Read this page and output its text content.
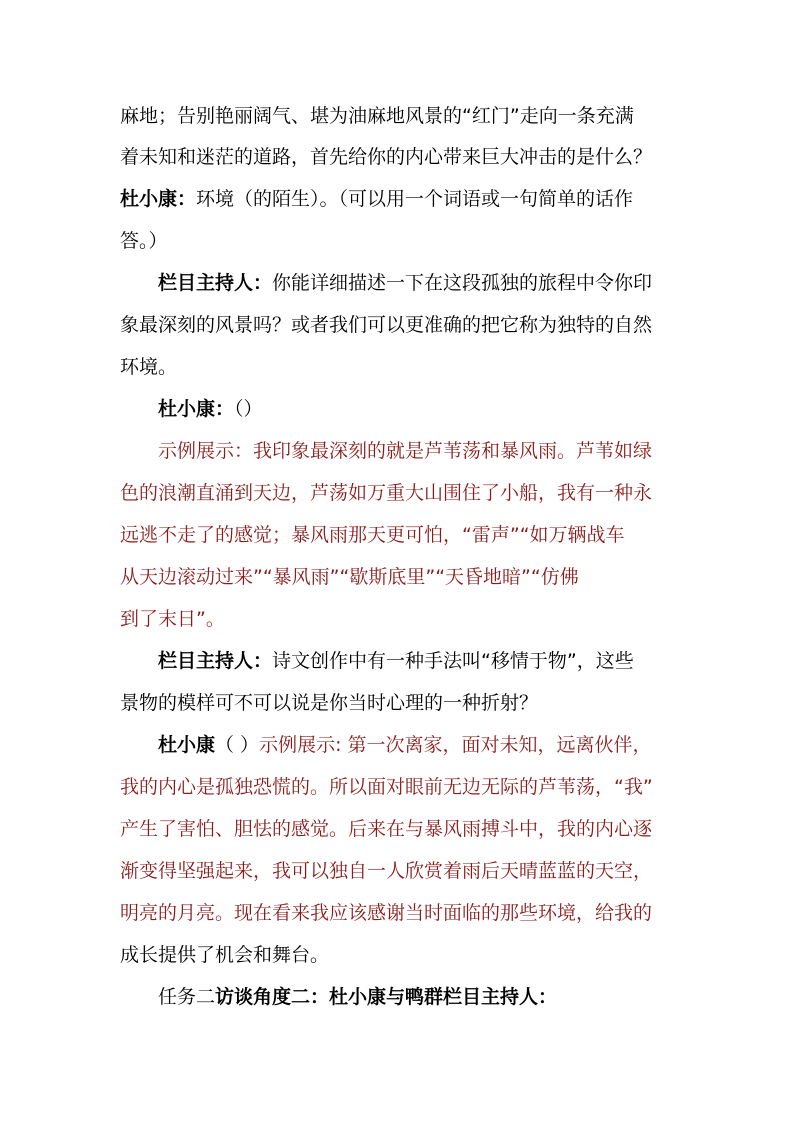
麻地；告别艳丽阔气、堪为油麻地风景的“红门”走向一条充满
着未知和迷茫的道路，首先给你的内心带来巨大冲击的是什么？
杜小康：环境（的陌生）。（可以用一个词语或一句简单的话作
答。）
栏目主持人：你能详细描述一下在这段孤独的旅程中令你印
象最深刻的风景吗？或者我们可以更准确的把它称为独特的自然
环境。
杜小康：（）
示例展示：我印象最深刻的就是芦苇荡和暴风雨。芦苇如绿
色的浪潮直涌到天边，芦荡如万重大山围住了小船，我有一种永
远逃不走了的感觉；暴风雨那天更可怕，“雷声”“如万辆战车
从天边滚动过来”“暴风雨”“歇斯底里”“天昏地暗”“仿佛
到了末日”。
栏目主持人：诗文创作中有一种手法叫“移情于物”，这些
景物的模样可不可以说是你当时心理的一种折射？
杜小康（ ）示例展示: 第一次离家，面对未知，远离伙伴，
我的内心是孤独恐慌的。所以面对眼前无边无际的芦苇荡，“我”
产生了害怕、胆怯的感觉。后来在与暴风雨搏斗中，我的内心逐
渐变得坚强起来，我可以独自一人欣赏着雨后天晴蓝蓝的天空，
明亮的月亮。现在看来我应该感谢当时面临的那些环境，给我的
成长提供了机会和舞台。
任务二访谈角度二：杜小康与鸭群栏目主持人：
